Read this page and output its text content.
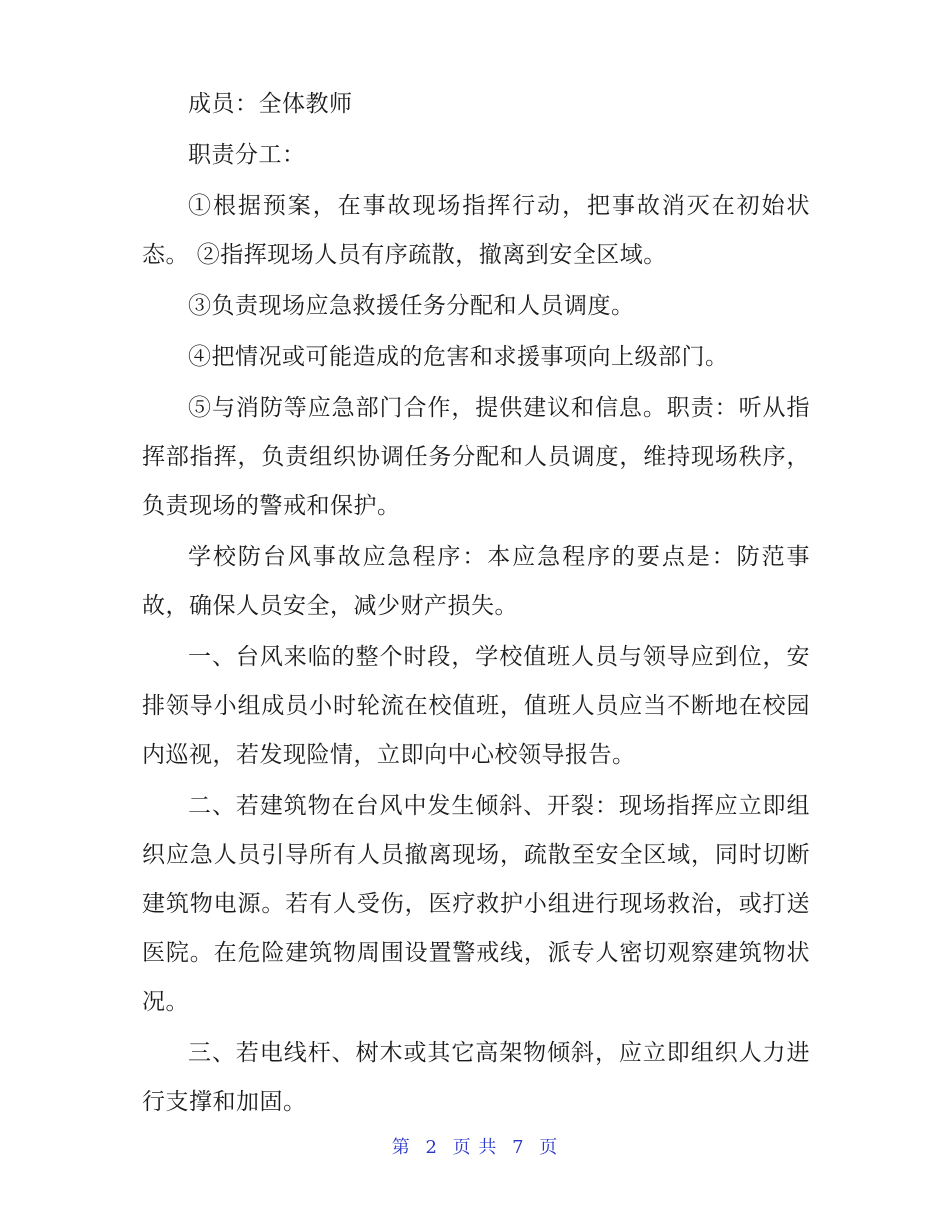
成员：全体教师

职责分工：

①根据预案，在事故现场指挥行动，把事故消灭在初始状态。 ②指挥现场人员有序疏散，撤离到安全区域。

③负责现场应急救援任务分配和人员调度。

④把情况或可能造成的危害和求援事项向上级部门。

⑤与消防等应急部门合作，提供建议和信息。职责：听从指挥部指挥，负责组织协调任务分配和人员调度，维持现场秩序，负责现场的警戒和保护。

学校防台风事故应急程序：本应急程序的要点是：防范事故，确保人员安全，减少财产损失。

一、台风来临的整个时段，学校值班人员与领导应到位，安排领导小组成员小时轮流在校值班，值班人员应当不断地在校园内巡视，若发现险情，立即向中心校领导报告。

二、若建筑物在台风中发生倾斜、开裂：现场指挥应立即组织应急人员引导所有人员撤离现场，疏散至安全区域，同时切断建筑物电源。若有人受伤，医疗救护小组进行现场救治，或打送医院。在危险建筑物周围设置警戒线，派专人密切观察建筑物状况。

三、若电线杆、树木或其它高架物倾斜，应立即组织人力进行支撑和加固。

第 2 页 共 7 页
